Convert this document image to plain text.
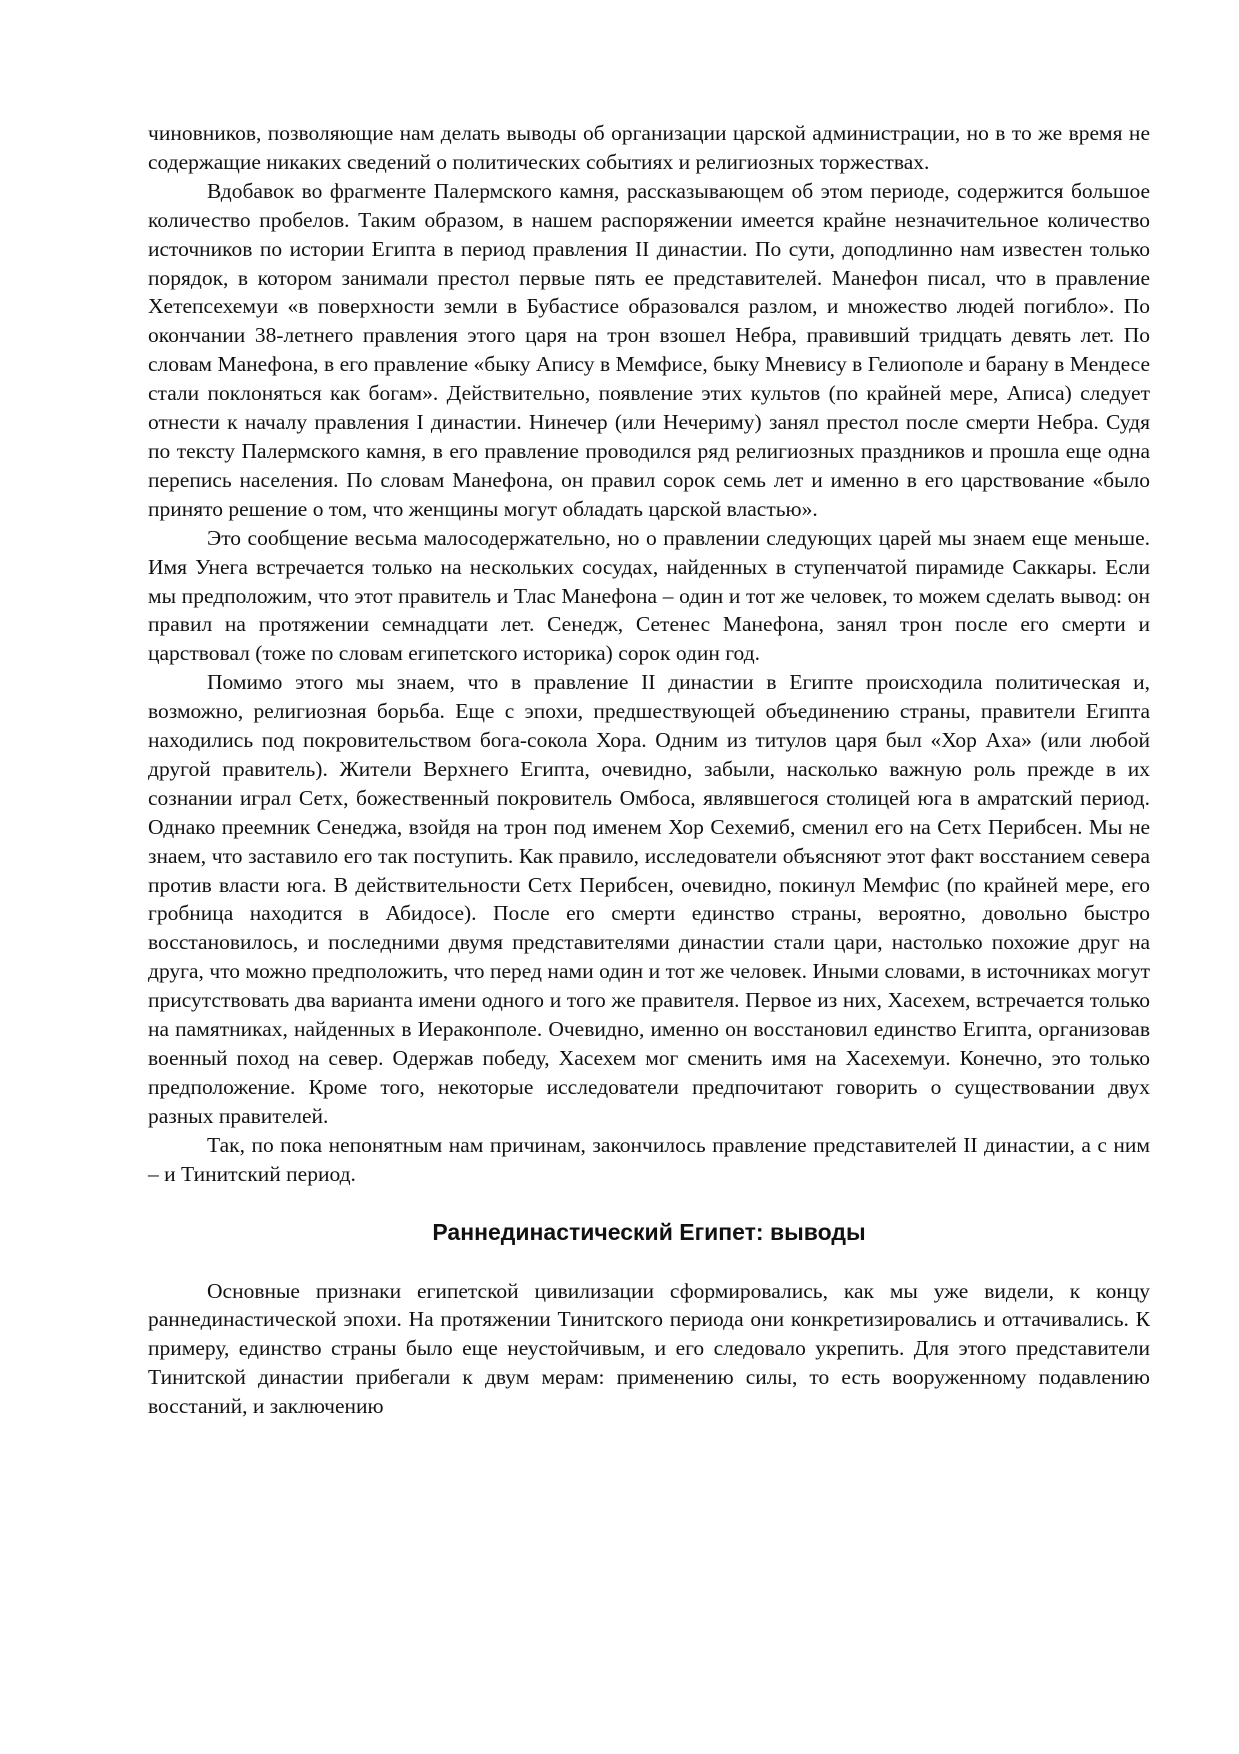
чиновников, позволяющие нам делать выводы об организации царской администрации, но в то же время не содержащие никаких сведений о политических событиях и религиозных торжествах.

Вдобавок во фрагменте Палермского камня, рассказывающем об этом периоде, содержится большое количество пробелов. Таким образом, в нашем распоряжении имеется крайне незначительное количество источников по истории Египта в период правления II династии. По сути, доподлинно нам известен только порядок, в котором занимали престол первые пять ее представителей. Манефон писал, что в правление Хетепсехемуи «в поверхности земли в Бубастисе образовался разлом, и множество людей погибло». По окончании 38-летнего правления этого царя на трон взошел Небра, правивший тридцать девять лет. По словам Манефона, в его правление «быку Апису в Мемфисе, быку Мневису в Гелиополе и барану в Мендесе стали поклоняться как богам». Действительно, появление этих культов (по крайней мере, Аписа) следует отнести к началу правления I династии. Нинечер (или Нечериму) занял престол после смерти Небра. Судя по тексту Палермского камня, в его правление проводился ряд религиозных праздников и прошла еще одна перепись населения. По словам Манефона, он правил сорок семь лет и именно в его царствование «было принято решение о том, что женщины могут обладать царской властью».

Это сообщение весьма малосодержательно, но о правлении следующих царей мы знаем еще меньше. Имя Унега встречается только на нескольких сосудах, найденных в ступенчатой пирамиде Саккары. Если мы предположим, что этот правитель и Тлас Манефона – один и тот же человек, то можем сделать вывод: он правил на протяжении семнадцати лет. Сенедж, Сетенес Манефона, занял трон после его смерти и царствовал (тоже по словам египетского историка) сорок один год.

Помимо этого мы знаем, что в правление II династии в Египте происходила политическая и, возможно, религиозная борьба. Еще с эпохи, предшествующей объединению страны, правители Египта находились под покровительством бога-сокола Хора. Одним из титулов царя был «Хор Аха» (или любой другой правитель). Жители Верхнего Египта, очевидно, забыли, насколько важную роль прежде в их сознании играл Сетх, божественный покровитель Омбоса, являвшегося столицей юга в амратский период. Однако преемник Сенеджа, взойдя на трон под именем Хор Сехемиб, сменил его на Сетх Перибсен. Мы не знаем, что заставило его так поступить. Как правило, исследователи объясняют этот факт восстанием севера против власти юга. В действительности Сетх Перибсен, очевидно, покинул Мемфис (по крайней мере, его гробница находится в Абидосе). После его смерти единство страны, вероятно, довольно быстро восстановилось, и последними двумя представителями династии стали цари, настолько похожие друг на друга, что можно предположить, что перед нами один и тот же человек. Иными словами, в источниках могут присутствовать два варианта имени одного и того же правителя. Первое из них, Хасехем, встречается только на памятниках, найденных в Иераконполе. Очевидно, именно он восстановил единство Египта, организовав военный поход на север. Одержав победу, Хасехем мог сменить имя на Хасехемуи. Конечно, это только предположение. Кроме того, некоторые исследователи предпочитают говорить о существовании двух разных правителей.

Так, по пока непонятным нам причинам, закончилось правление представителей II династии, а с ним – и Тинитский период.

Раннединастический Египет: выводы

Основные признаки египетской цивилизации сформировались, как мы уже видели, к концу раннединастической эпохи. На протяжении Тинитского периода они конкретизировались и оттачивались. К примеру, единство страны было еще неустойчивым, и его следовало укрепить. Для этого представители Тинитской династии прибегали к двум мерам: применению силы, то есть вооруженному подавлению восстаний, и заключению
